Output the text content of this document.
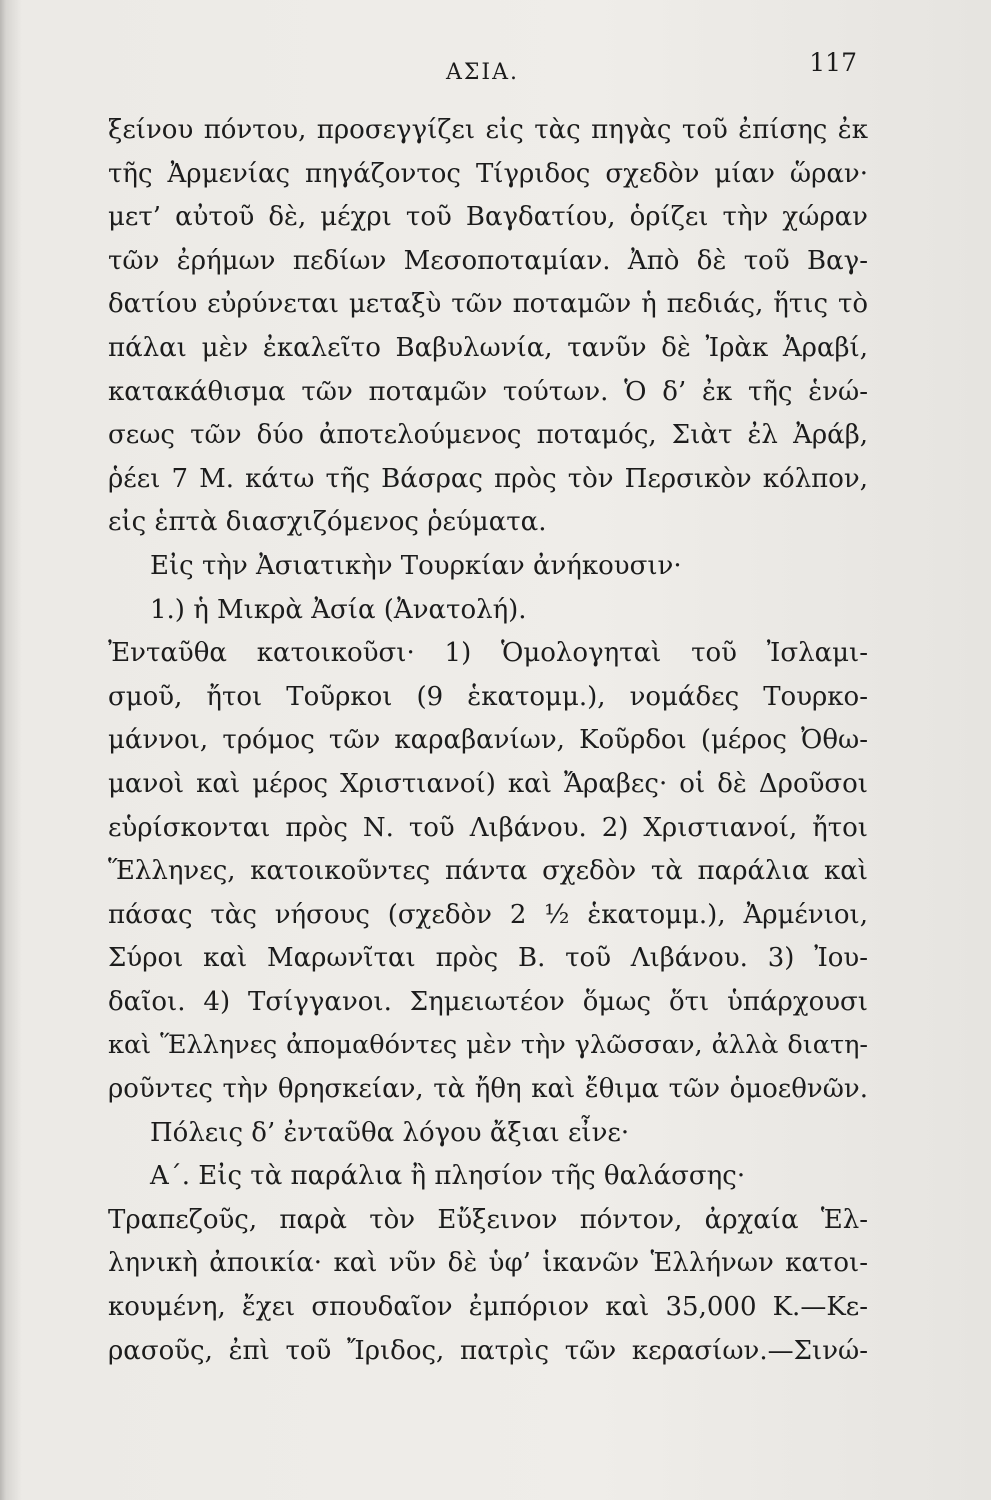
ΑΣΙΑ.	117
ξείνου πόντου, προσεγγίζει εἰς τὰς πηγὰς τοῦ ἐπίσης ἐκ
τῆς Ἀρμενίας πηγάζοντος Τίγριδος σχεδὸν μίαν ὥραν·
μετ’ αὐτοῦ δὲ, μέχρι τοῦ Βαγδατίου, ὁρίζει τὴν χώραν
τῶν ἐρήμων πεδίων Μεσοποταμίαν. Ἀπὸ δὲ τοῦ Βαγ-
δατίου εὐρύνεται μεταξὺ τῶν ποταμῶν ἡ πεδιάς, ἥτις τὸ
πάλαι μὲν ἐκαλεῖτο Βαβυλωνία, τανῦν δὲ Ἰρὰκ Ἀραβί,
κατακάθισμα τῶν ποταμῶν τούτων. Ὁ δ’ ἐκ τῆς ἑνώ-
σεως τῶν δύο ἀποτελούμενος ποταμός, Σιὰτ ἐλ Ἀράβ,
ῥέει 7 Μ. κάτω τῆς Βάσρας πρὸς τὸν Περσικὸν κόλπον,
εἰς ἑπτὰ διασχιζόμενος ῥεύματα.
Εἰς τὴν Ἀσιατικὴν Τουρκίαν ἀνήκουσιν·
1.) ἡ Μικρὰ Ἀσία (Ἀνατολή).
Ἐνταῦθα κατοικοῦσι· 1) Ὁμολογηταὶ τοῦ Ἰσλαμι-
σμοῦ, ἤτοι Τοῦρκοι (9 ἑκατομμ.), νομάδες Τουρκο-
μάννοι, τρόμος τῶν καραβανίων, Κοῦρδοι (μέρος Ὀθω-
μανοὶ καὶ μέρος Χριστιανοί) καὶ Ἄραβες· οἱ δὲ Δροῦσοι
εὑρίσκονται πρὸς Ν. τοῦ Λιβάνου. 2) Χριστιανοί, ἤτοι
Ἕλληνες, κατοικοῦντες πάντα σχεδὸν τὰ παράλια καὶ
πάσας τὰς νήσους (σχεδὸν 2 ½ ἑκατομμ.), Ἀρμένιοι,
Σύροι καὶ Μαρωνῖται πρὸς Β. τοῦ Λιβάνου. 3) Ἰου-
δαῖοι. 4) Τσίγγανοι. Σημειωτέον ὅμως ὅτι ὑπάρχουσι
καὶ Ἕλληνες ἀπομαθόντες μὲν τὴν γλῶσσαν, ἀλλὰ διατη-
ροῦντες τὴν θρησκείαν, τὰ ἤθη καὶ ἔθιμα τῶν ὁμοεθνῶν.
Πόλεις δ’ ἐνταῦθα λόγου ἄξιαι εἶνε·
Α΄. Εἰς τὰ παράλια ἢ πλησίον τῆς θαλάσσης·
Τραπεζοῦς, παρὰ τὸν Εὔξεινον πόντον, ἀρχαία Ἑλ-
ληνικὴ ἀποικία· καὶ νῦν δὲ ὑφ’ ἱκανῶν Ἑλλήνων κατοι-
κουμένη, ἔχει σπουδαῖον ἐμπόριον καὶ 35,000 Κ.—Κε-
ρασοῦς, ἐπὶ τοῦ Ἴριδος, πατρὶς τῶν κερασίων.—Σινώ-
